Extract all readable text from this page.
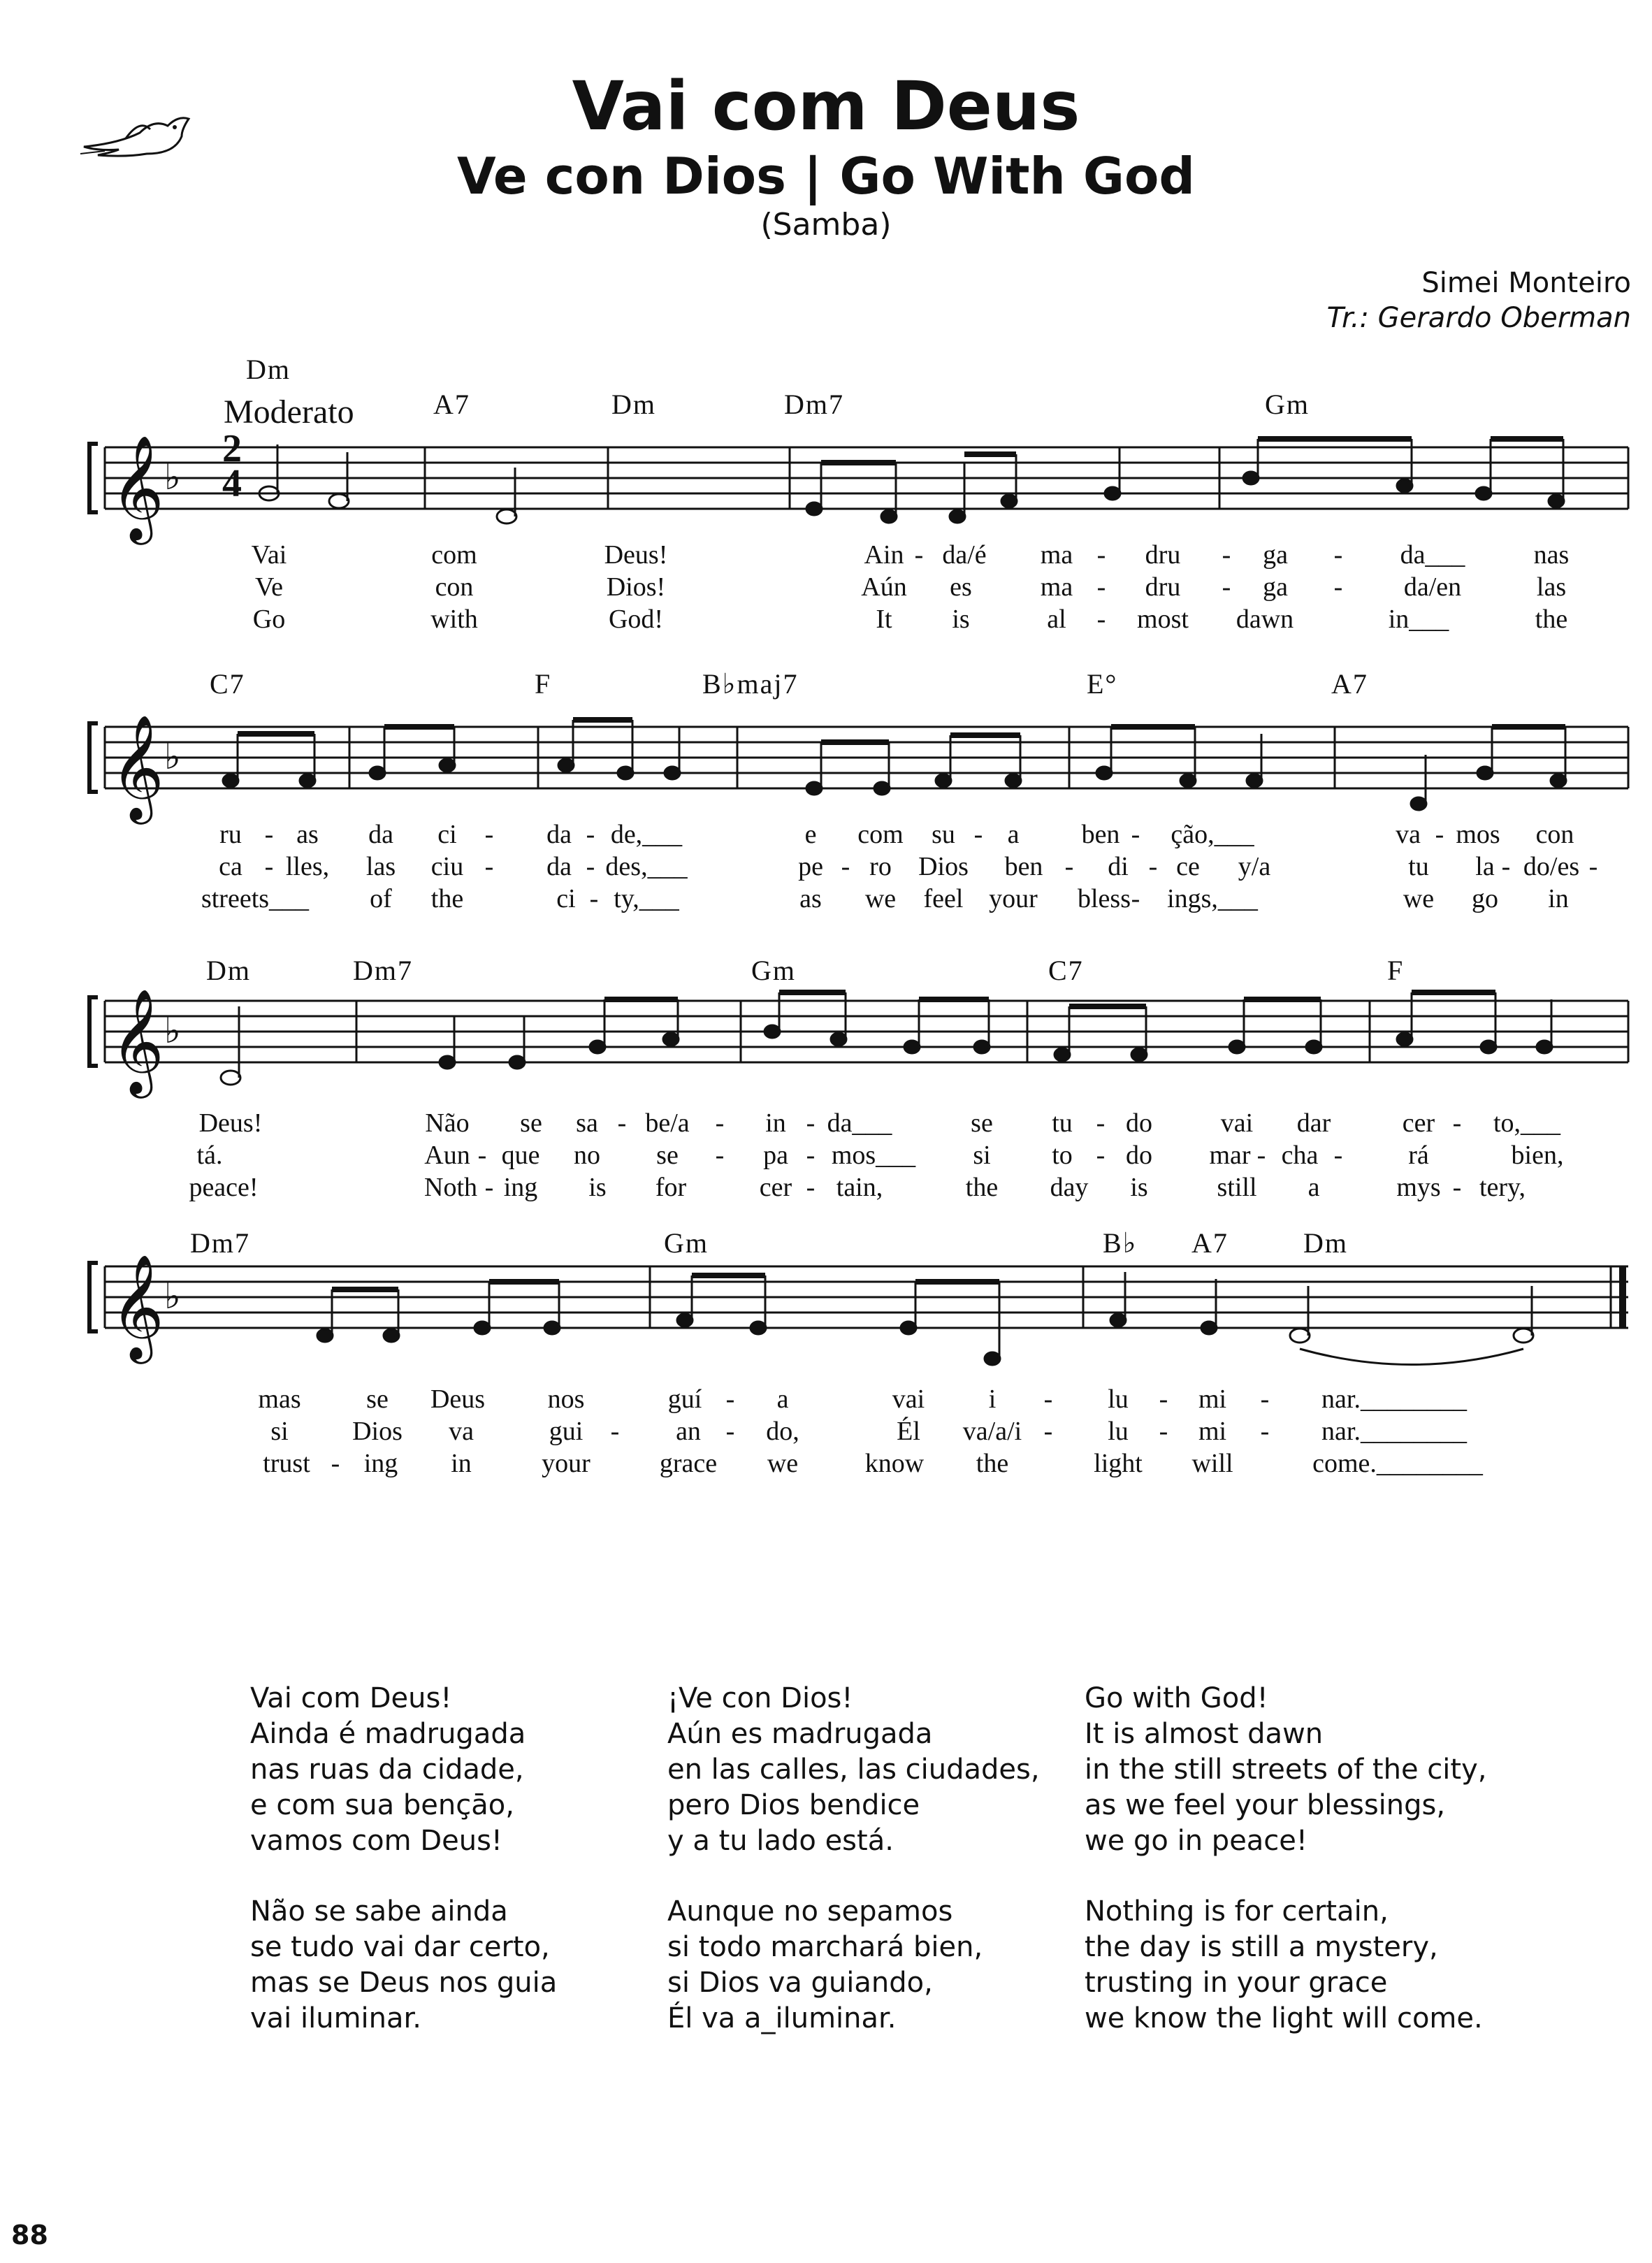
Vai com Deus
Ve con Dios | Go With God
(Samba)
Simei Monteiro
Tr.: Gerardo Oberman
Moderato
𝄞 ♭
𝄞 ♭
𝄞 ♭
𝄞 ♭
2
4
Dm
A7	Dm	Dm7	Gm
C7	F	B♭maj7	E°	A7
Dm	Dm7	Gm	C7	F
Dm7	Gm	B♭ A7	Dm
Vai	com	Deus!	Ain - da/é ma - dru - ga - da___	nas
Ve	con	Dios!	Aún es	ma - dru - ga - da/en	las
Go	with	God!	It is	al - most dawn	in___	the
ru - as da ci - da - de,___	e com su - a ben - ção,___	va - mos con
ca - lles, las ciu - da - des,___	pe - ro Dios ben - di - ce y/a	tu la - do/es -
streets___ of the	ci - ty,___	as we feel your bless - ings,___	we go in
Deus!	Não se sa - be/a - in - da___	se tu - do	vai dar	cer - to,___
tá.	Aun - que no se - pa - mos___ si to - do mar - cha - rá	bien,
peace!	Noth - ing is for	cer - tain,	the day is	still a	mys - tery,
mas se Deus nos	guí - a	vai i - lu - mi - nar.________
si Dios va	gui - an - do,	Él va/a/i - lu - mi - nar.________
trust - ing in	your	grace we	know the	light will	come.________
Vai com Deus!
Ainda é madrugada
nas ruas da cidade,
e com sua bençāo,
vamos com Deus!
Não se sabe ainda
se tudo vai dar certo,
mas se Deus nos guia
vai iluminar.
¡Ve con Dios!
Aún es madrugada
en las calles, las ciudades,
pero Dios bendice
y a tu lado está.
Aunque no sepamos
si todo marchará bien,
si Dios va guiando,
Él va a_iluminar.
Go with God!
It is almost dawn
in the still streets of the city,
as we feel your blessings,
we go in peace!
Nothing is for certain,
the day is still a mystery,
trusting in your grace
we know the light will come.
88
